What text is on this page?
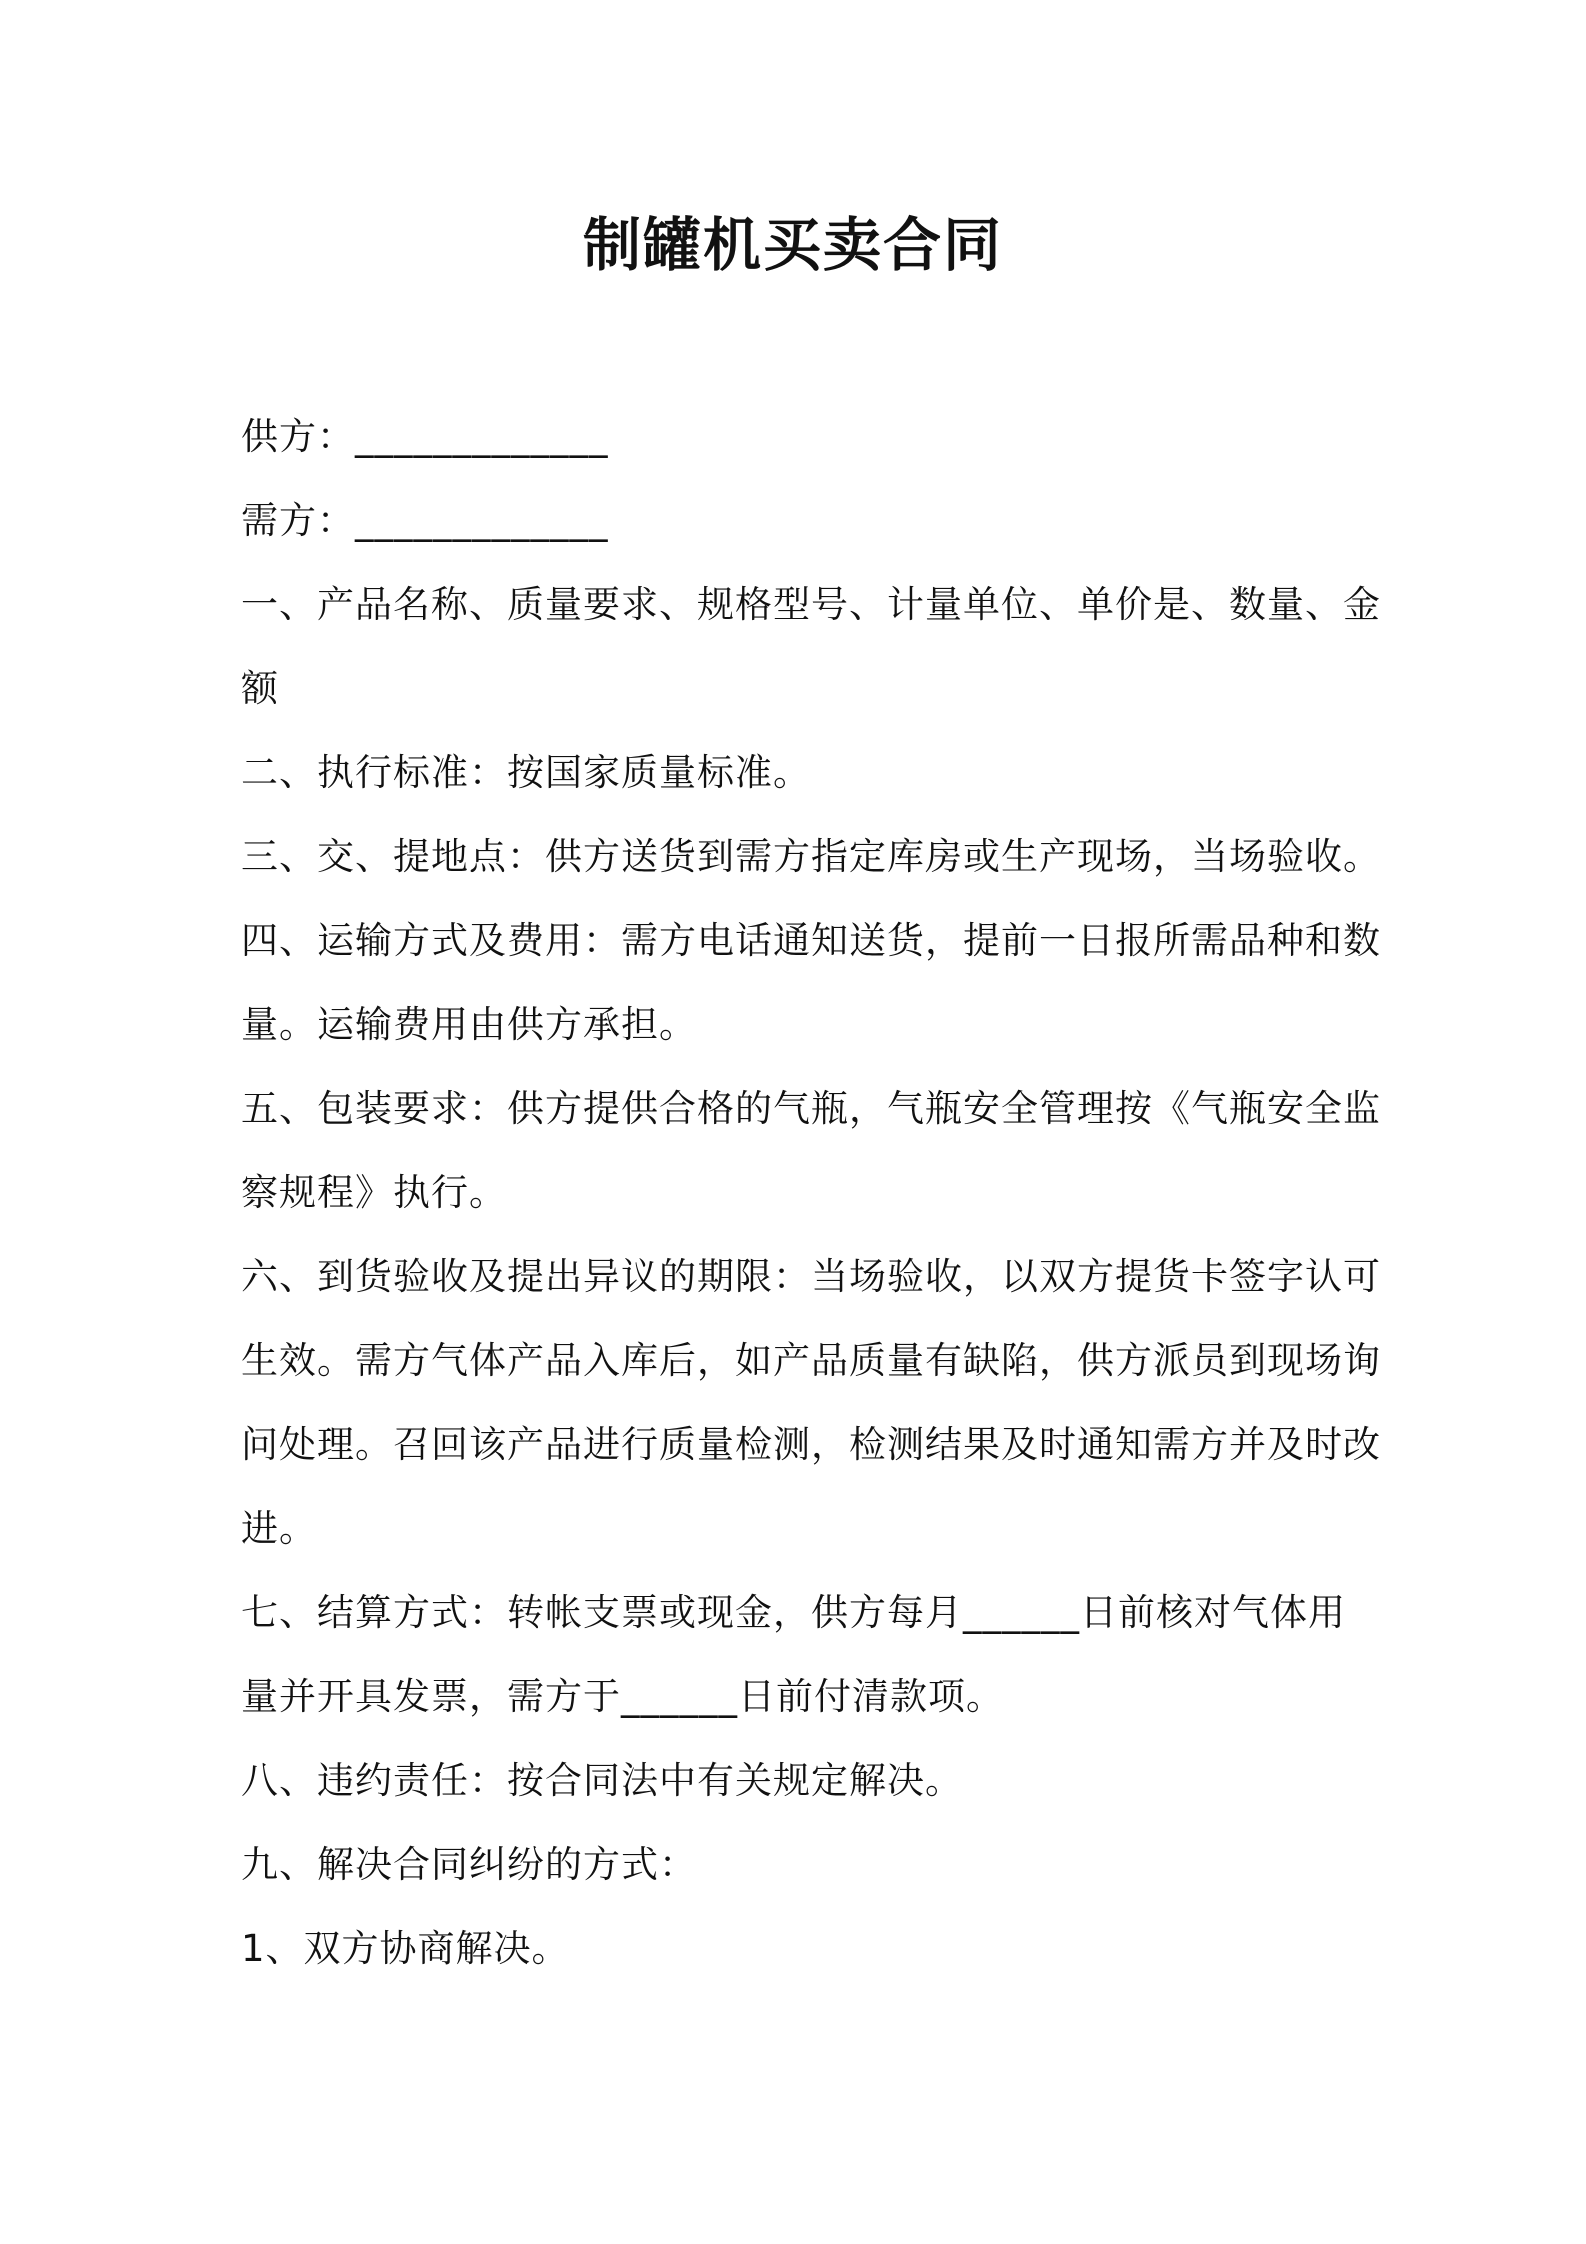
制罐机买卖合同
供方：_____________
需方：_____________
一、产品名称、质量要求、规格型号、计量单位、单价是、数量、金
额
二、执行标准：按国家质量标准。
三、交、提地点：供方送货到需方指定库房或生产现场，当场验收。
四、运输方式及费用：需方电话通知送货，提前一日报所需品种和数
量。运输费用由供方承担。
五、包装要求：供方提供合格的气瓶，气瓶安全管理按《气瓶安全监
察规程》执行。
六、到货验收及提出异议的期限：当场验收，以双方提货卡签字认可
生效。需方气体产品入库后，如产品质量有缺陷，供方派员到现场询
问处理。召回该产品进行质量检测，检测结果及时通知需方并及时改
进。
七、结算方式：转帐支票或现金，供方每月______日前核对气体用
量并开具发票，需方于______日前付清款项。
八、违约责任：按合同法中有关规定解决。
九、解决合同纠纷的方式：
1、双方协商解决。
